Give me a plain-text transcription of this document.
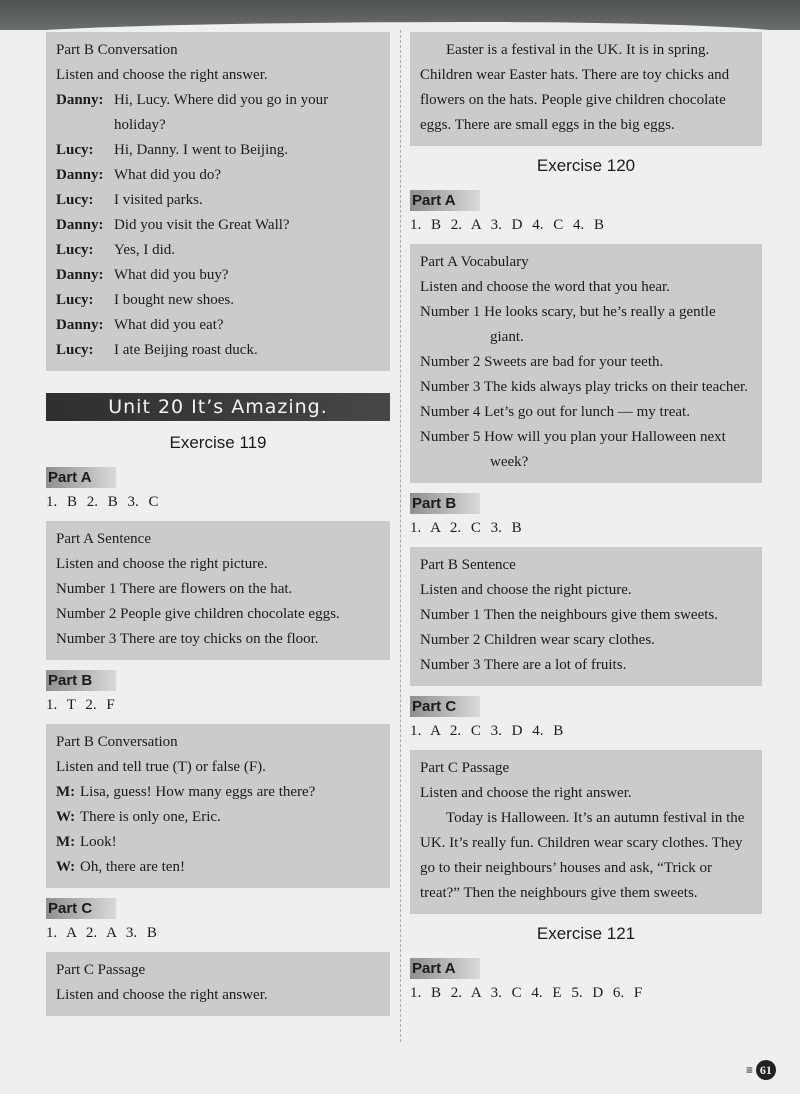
Part B Conversation

Listen and choose the right answer.

Danny: Hi, Lucy. Where did you go in your holiday?
Lucy:	Hi, Danny. I went to Beijing.
Danny: What did you do?
Lucy:	I visited parks.
Danny: Did you visit the Great Wall?
Lucy:	Yes, I did.
Danny: What did you buy?
Lucy:	I bought new shoes.
Danny: What did you eat?
Lucy:	I ate Beijing roast duck.
Unit 20 It’s Amazing.
Exercise 119
Part A
1. B 2. B 3. C

Part A Sentence

Listen and choose the right picture.

Number 1 There are flowers on the hat.

Number 2 People give children chocolate eggs.

Number 3 There are toy chicks on the floor.

Part B
1. T 2. F

Part B Conversation

Listen and tell true (T) or false (F).

M: Lisa, guess! How many eggs are there?
W: There is only one, Eric.
M: Look!
W: Oh, there are ten!
Part C
1. A 2. A 3. B

Part C Passage

Listen and choose the right answer.

Easter is a festival in the UK. It is in spring. Children wear Easter hats. There are toy chicks and flowers on the hats. People give children chocolate eggs. There are small eggs in the big eggs.

Exercise 120
Part A
1. B 2. A 3. D 4. C 4. B

Part A Vocabulary

Listen and choose the word that you hear.

Number 1 He looks scary, but he’s really a gentle giant.

Number 2 Sweets are bad for your teeth.

Number 3 The kids always play tricks on their teacher.

Number 4 Let’s go out for lunch — my treat.

Number 5 How will you plan your Halloween next week?

Part B
1. A 2. C 3. B

Part B Sentence

Listen and choose the right picture.

Number 1 Then the neighbours give them sweets.

Number 2 Children wear scary clothes.

Number 3 There are a lot of fruits.

Part C
1. A 2. C 3. D 4. B

Part C Passage

Listen and choose the right answer.

Today is Halloween. It’s an autumn festival in the UK. It’s really fun. Children wear scary clothes. They go to their neighbours’ houses and ask, “Trick or treat?” Then the neighbours give them sweets.

Exercise 121
Part A
1. B 2. A 3. C 4. E 5. D 6. F
≡ 61
